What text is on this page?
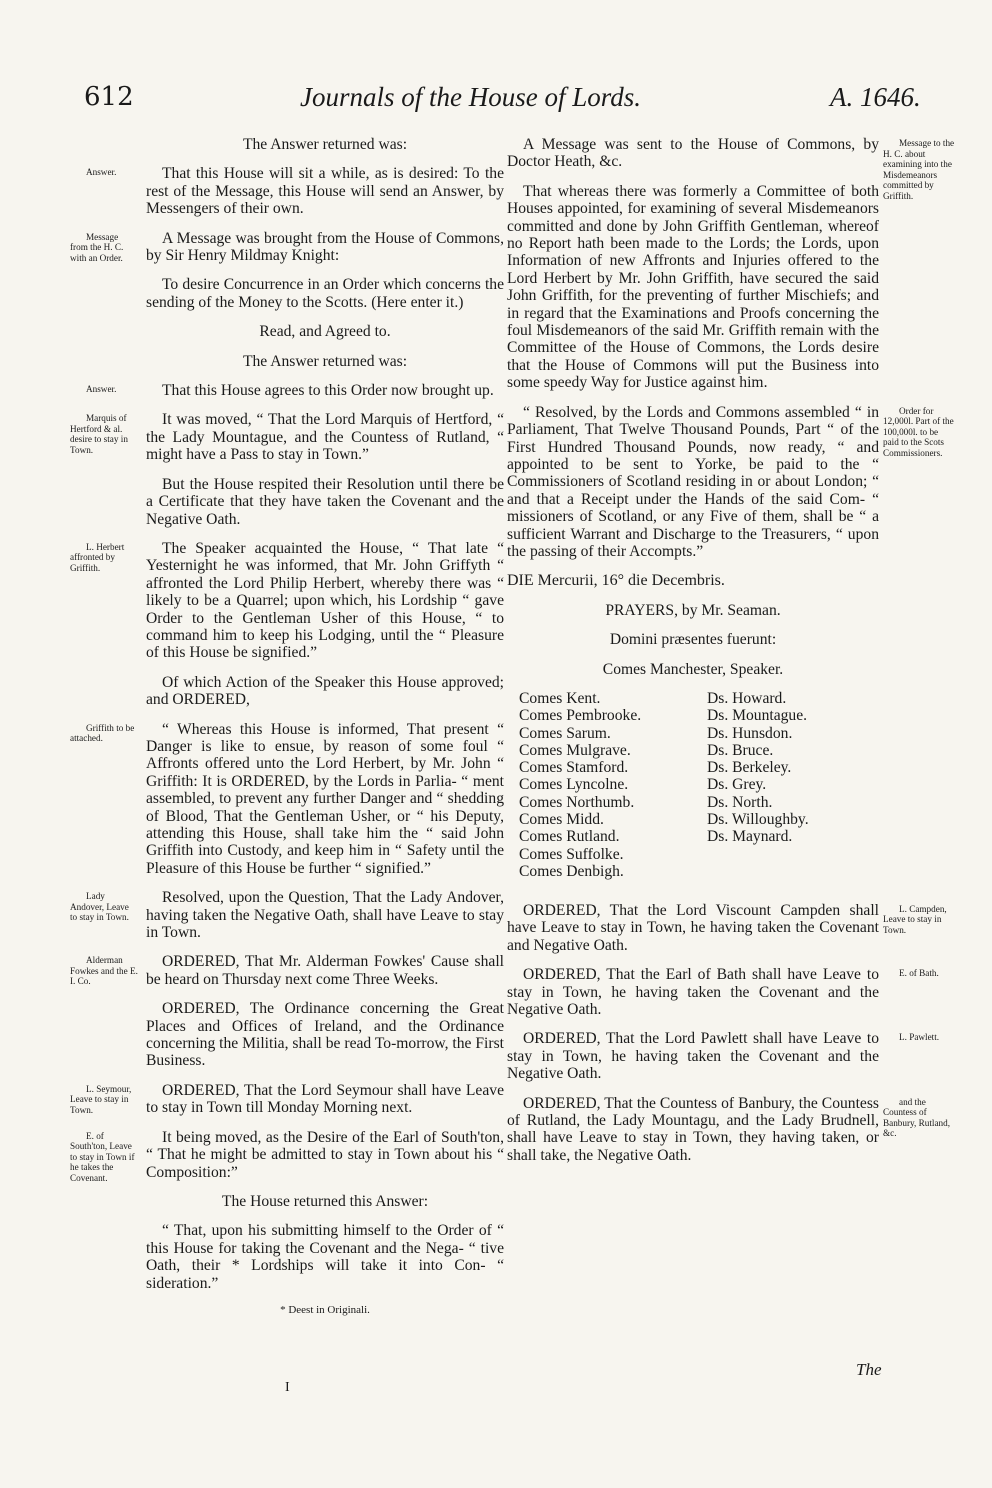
612	Journals of the House of Lords.	A. 1646.
The Answer returned was:
That this House will sit a while, as is desired: To the rest of the Message, this House will send an Answer, by Messengers of their own.
Answer.
A Message was brought from the House of Commons, by Sir Henry Mildmay Knight:
Message from the H. C. with an Order.
To desire Concurrence in an Order which concerns the sending of the Money to the Scotts. (Here enter it.)
Read, and Agreed to.
The Answer returned was:
That this House agrees to this Order now brought up.
Answer.
It was moved, “ That the Lord Marquis of Hertford, “ the Lady Mountague, and the Countess of Rutland, “ might have a Pass to stay in Town.”
Marquis of Hertford & al. desire to stay in Town.
But the House respited their Resolution until there be a Certificate that they have taken the Covenant and the Negative Oath.
The Speaker acquainted the House, “ That late “ Yesternight he was informed, that Mr. John Griffyth “ affronted the Lord Philip Herbert, whereby there was “ likely to be a Quarrel; upon which, his Lordship “ gave Order to the Gentleman Usher of this House, “ to command him to keep his Lodging, until the “ Pleasure of this House be signified.”
L. Herbert affronted by Griffith.
Of which Action of the Speaker this House approved; and ORDERED,
“ Whereas this House is informed, That present “ Danger is like to ensue, by reason of some foul “ Affronts offered unto the Lord Herbert, by Mr. John “ Griffith: It is ORDERED, by the Lords in Parlia- “ ment assembled, to prevent any further Danger and “ shedding of Blood, That the Gentleman Usher, or “ his Deputy, attending this House, shall take him the “ said John Griffith into Custody, and keep him in “ Safety until the Pleasure of this House be further “ signified.”
Griffith to be attached.
Resolved, upon the Question, That the Lady Andover, having taken the Negative Oath, shall have Leave to stay in Town.
Lady Andover, Leave to stay in Town.
ORDERED, That Mr. Alderman Fowkes' Cause shall be heard on Thursday next come Three Weeks.
Alderman Fowkes and the E. I. Co.
ORDERED, The Ordinance concerning the Great Places and Offices of Ireland, and the Ordinance concerning the Militia, shall be read To-morrow, the First Business.
ORDERED, That the Lord Seymour shall have Leave to stay in Town till Monday Morning next.
L. Seymour, Leave to stay in Town.
It being moved, as the Desire of the Earl of South'ton, “ That he might be admitted to stay in Town about his “ Composition:”
E. of South'ton, Leave to stay in Town if he takes the Covenant.
The House returned this Answer:
“ That, upon his submitting himself to the Order of “ this House for taking the Covenant and the Nega- “ tive Oath, their * Lordships will take it into Con- “ sideration.”
* Deest in Originali.
A Message was sent to the House of Commons, by Doctor Heath, &c.
Message to the H. C. about examining into the Misdemeanors committed by Griffith.
That whereas there was formerly a Committee of both Houses appointed, for examining of several Misdemeanors committed and done by John Griffith Gentleman, whereof no Report hath been made to the Lords; the Lords, upon Information of new Affronts and Injuries offered to the Lord Herbert by Mr. John Griffith, have secured the said John Griffith, for the preventing of further Mischiefs; and in regard that the Examinations and Proofs concerning the foul Misdemeanors of the said Mr. Griffith remain with the Committee of the House of Commons, the Lords desire that the House of Commons will put the Business into some speedy Way for Justice against him.
“ Resolved, by the Lords and Commons assembled “ in Parliament, That Twelve Thousand Pounds, Part “ of the First Hundred Thousand Pounds, now ready, “ and appointed to be sent to Yorke, be paid to the “ Commissioners of Scotland residing in or about London; “ and that a Receipt under the Hands of the said Com- “ missioners of Scotland, or any Five of them, shall be “ a sufficient Warrant and Discharge to the Treasurers, “ upon the passing of their Accompts.”
Order for 12,000l. Part of the 100,000l. to be paid to the Scots Commissioners.
DIE Mercurii, 16° die Decembris.
PRAYERS, by Mr. Seaman.
Domini præsentes fuerunt:
Comes Manchester, Speaker.
Comes Kent.
Comes Pembrooke.
Comes Sarum.
Comes Mulgrave.
Comes Stamford.
Comes Lyncolne.
Comes Northumb.
Comes Midd.
Comes Rutland.
Comes Suffolke.
Comes Denbigh.
Ds. Howard.
Ds. Mountague.
Ds. Hunsdon.
Ds. Bruce.
Ds. Berkeley.
Ds. Grey.
Ds. North.
Ds. Willoughby.
Ds. Maynard.
ORDERED, That the Lord Viscount Campden shall have Leave to stay in Town, he having taken the Covenant and Negative Oath.
L. Campden, Leave to stay in Town.
ORDERED, That the Earl of Bath shall have Leave to stay in Town, he having taken the Covenant and the Negative Oath.
E. of Bath.
ORDERED, That the Lord Pawlett shall have Leave to stay in Town, he having taken the Covenant and the Negative Oath.
L. Pawlett.
ORDERED, That the Countess of Banbury, the Countess of Rutland, the Lady Mountagu, and the Lady Brudnell, shall have Leave to stay in Town, they having taken, or shall take, the Negative Oath.
and the Countess of Banbury, Rutland, &c.
I
The
